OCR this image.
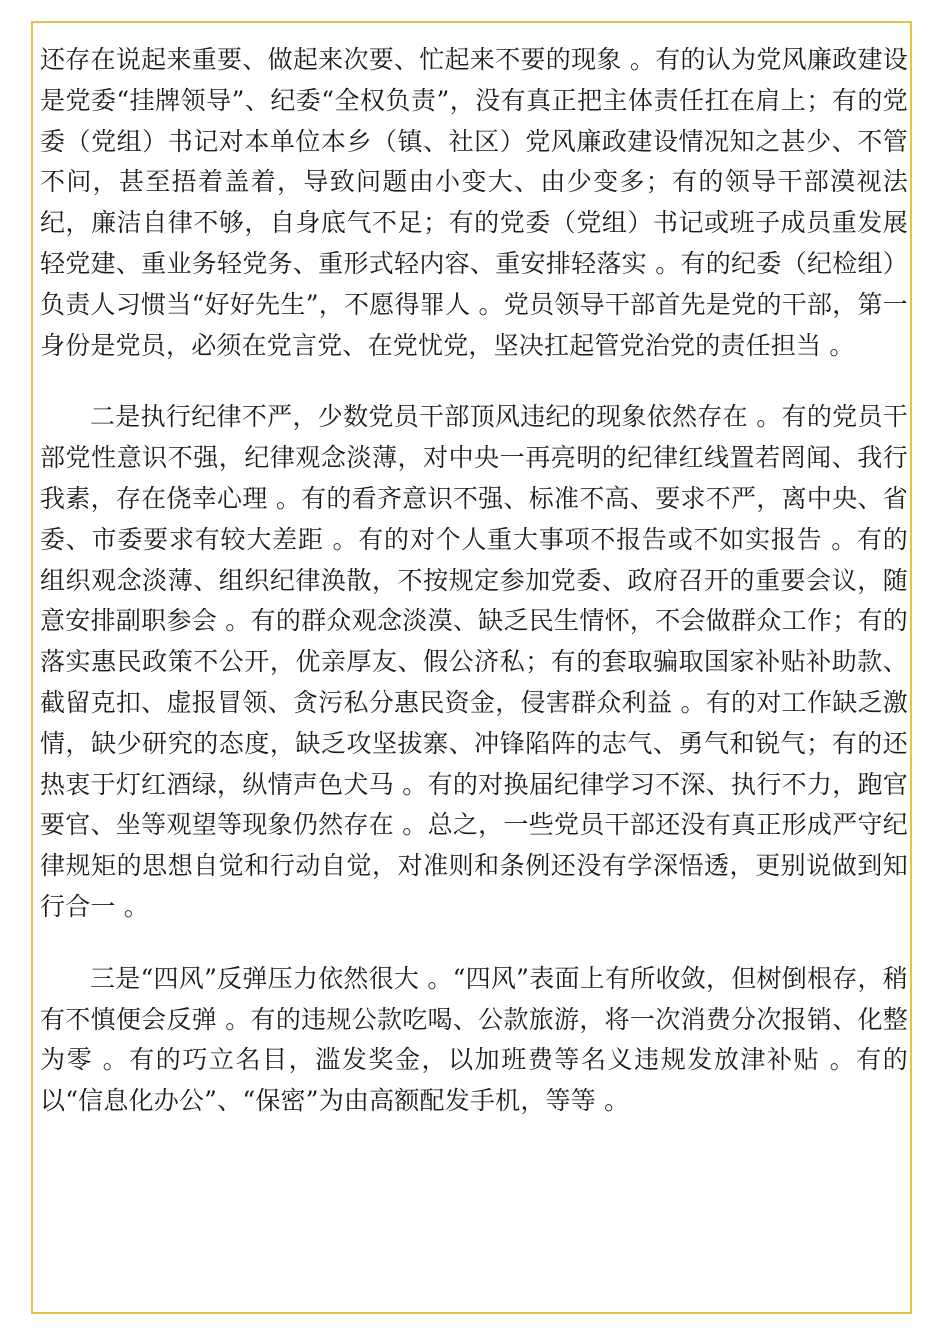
还存在说起来重要、做起来次要、忙起来不要的现象 。有的认为党风廉政建设是党委“挂牌领导”、纪委“全权负责”，没有真正把主体责任扛在肩上；有的党委（党组）书记对本单位本乡（镇、社区）党风廉政建设情况知之甚少、不管不问，甚至捂着盖着，导致问题由小变大、由少变多；有的领导干部漠视法纪，廉洁自律不够，自身底气不足；有的党委（党组）书记或班子成员重发展轻党建、重业务轻党务、重形式轻内容、重安排轻落实 。有的纪委（纪检组）负责人习惯当“好好先生”，不愿得罪人 。党员领导干部首先是党的干部，第一身份是党员，必须在党言党、在党忧党，坚决扛起管党治党的责任担当 。

二是执行纪律不严，少数党员干部顶风违纪的现象依然存在 。有的党员干部党性意识不强，纪律观念淡薄，对中央一再亮明的纪律红线置若罔闻、我行我素，存在侥幸心理 。有的看齐意识不强、标准不高、要求不严，离中央、省委、市委要求有较大差距 。有的对个人重大事项不报告或不如实报告 。有的组织观念淡薄、组织纪律涣散，不按规定参加党委、政府召开的重要会议，随意安排副职参会 。有的群众观念淡漠、缺乏民生情怀，不会做群众工作；有的落实惠民政策不公开，优亲厚友、假公济私；有的套取骗取国家补贴补助款、截留克扣、虚报冒领、贪污私分惠民资金，侵害群众利益 。有的对工作缺乏激情，缺少研究的态度，缺乏攻坚拔寨、冲锋陷阵的志气、勇气和锐气；有的还热衷于灯红酒绿，纵情声色犬马 。有的对换届纪律学习不深、执行不力，跑官要官、坐等观望等现象仍然存在 。总之，一些党员干部还没有真正形成严守纪律规矩的思想自觉和行动自觉，对准则和条例还没有学深悟透，更别说做到知行合一 。

三是“四风”反弹压力依然很大 。“四风”表面上有所收敛，但树倒根存，稍有不慎便会反弹 。有的违规公款吃喝、公款旅游，将一次消费分次报销、化整为零 。有的巧立名目，滥发奖金，以加班费等名义违规发放津补贴 。有的以“信息化办公”、“保密”为由高额配发手机，等等 。
